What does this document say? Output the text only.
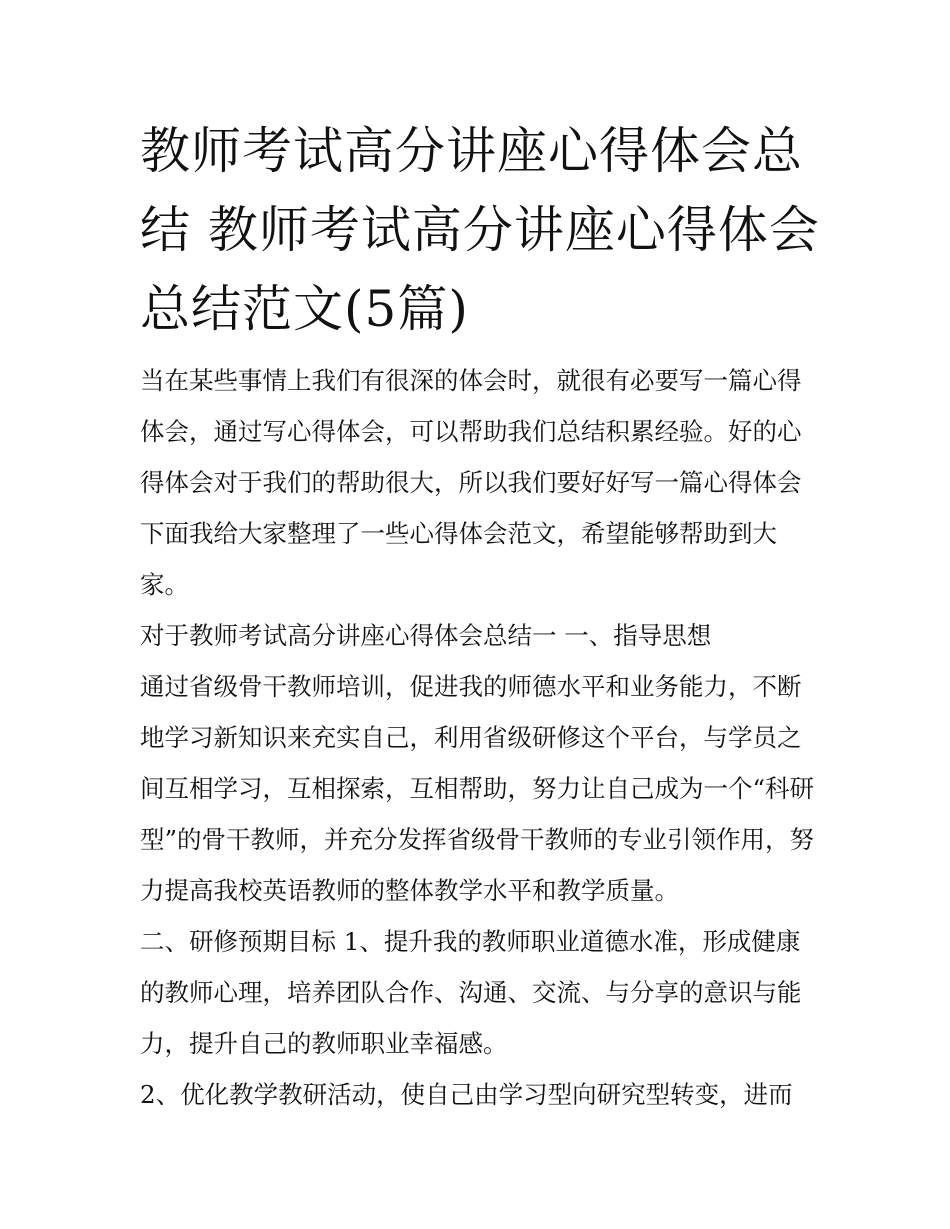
教师考试高分讲座心得体会总结 教师考试高分讲座心得体会总结范文(5篇)

当在某些事情上我们有很深的体会时，就很有必要写一篇心得体会，通过写心得体会，可以帮助我们总结积累经验。好的心得体会对于我们的帮助很大，所以我们要好好写一篇心得体会下面我给大家整理了一些心得体会范文，希望能够帮助到大家。

对于教师考试高分讲座心得体会总结一 一、指导思想

通过省级骨干教师培训，促进我的师德水平和业务能力，不断地学习新知识来充实自己，利用省级研修这个平台，与学员之间互相学习，互相探索，互相帮助，努力让自己成为一个“科研型”的骨干教师，并充分发挥省级骨干教师的专业引领作用，努力提高我校英语教师的整体教学水平和教学质量。

二、研修预期目标 1、提升我的教师职业道德水准，形成健康的教师心理，培养团队合作、沟通、交流、与分享的意识与能力，提升自己的教师职业幸福感。

2、优化教学教研活动，使自己由学习型向研究型转变，进而
